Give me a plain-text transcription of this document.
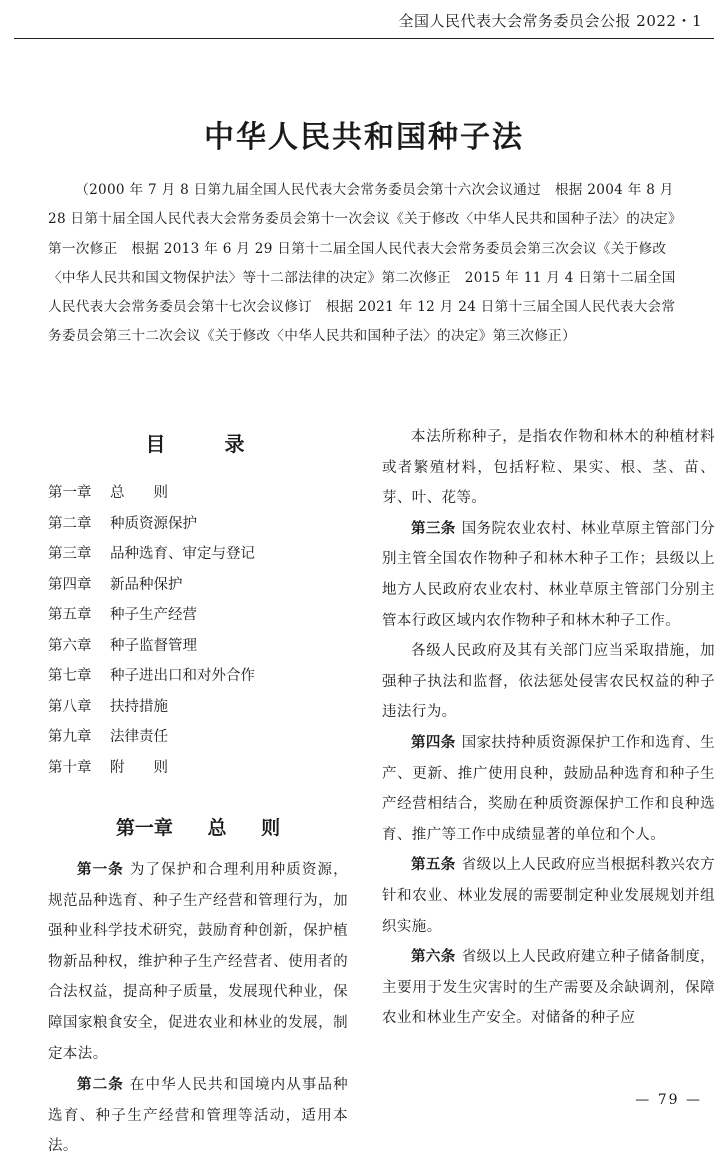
全国人民代表大会常务委员会公报 2022・1
中华人民共和国种子法
（2000 年 7 月 8 日第九届全国人民代表大会常务委员会第十六次会议通过　根据 2004 年 8 月 28 日第十届全国人民代表大会常务委员会第十一次会议《关于修改〈中华人民共和国种子法〉的决定》第一次修正　根据 2013 年 6 月 29 日第十二届全国人民代表大会常务委员会第三次会议《关于修改〈中华人民共和国文物保护法〉等十二部法律的决定》第二次修正　2015 年 11 月 4 日第十二届全国人民代表大会常务委员会第十七次会议修订　根据 2021 年 12 月 24 日第十三届全国人民代表大会常务委员会第三十二次会议《关于修改〈中华人民共和国种子法〉的决定》第三次修正）
目 录
第一章 总　　则
第二章 种质资源保护
第三章 品种选育、审定与登记
第四章 新品种保护
第五章 种子生产经营
第六章 种子监督管理
第七章 种子进出口和对外合作
第八章 扶持措施
第九章 法律责任
第十章 附　　则
第一章 总 则
第一条 为了保护和合理利用种质资源，规范品种选育、种子生产经营和管理行为，加强种业科学技术研究，鼓励育种创新，保护植物新品种权，维护种子生产经营者、使用者的合法权益，提高种子质量，发展现代种业，保障国家粮食安全，促进农业和林业的发展，制定本法。
第二条 在中华人民共和国境内从事品种选育、种子生产经营和管理等活动，适用本法。
本法所称种子，是指农作物和林木的种植材料或者繁殖材料，包括籽粒、果实、根、茎、苗、芽、叶、花等。
第三条 国务院农业农村、林业草原主管部门分别主管全国农作物种子和林木种子工作；县级以上地方人民政府农业农村、林业草原主管部门分别主管本行政区域内农作物种子和林木种子工作。
各级人民政府及其有关部门应当采取措施，加强种子执法和监督，依法惩处侵害农民权益的种子违法行为。
第四条 国家扶持种质资源保护工作和选育、生产、更新、推广使用良种，鼓励品种选育和种子生产经营相结合，奖励在种质资源保护工作和良种选育、推广等工作中成绩显著的单位和个人。
第五条 省级以上人民政府应当根据科教兴农方针和农业、林业发展的需要制定种业发展规划并组织实施。
第六条 省级以上人民政府建立种子储备制度，主要用于发生灾害时的生产需要及余缺调剂，保障农业和林业生产安全。对储备的种子应
— 79 —
